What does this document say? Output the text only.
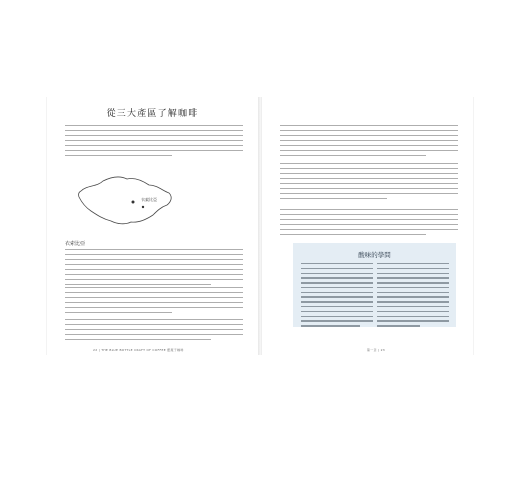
從三大產區了解咖啡
衣索比亞
衣索比亞
22 | THE BLUE BOTTLE CRAFT OF COFFEE 藍瓶子咖啡
酸味的學問
第一章 | 23
